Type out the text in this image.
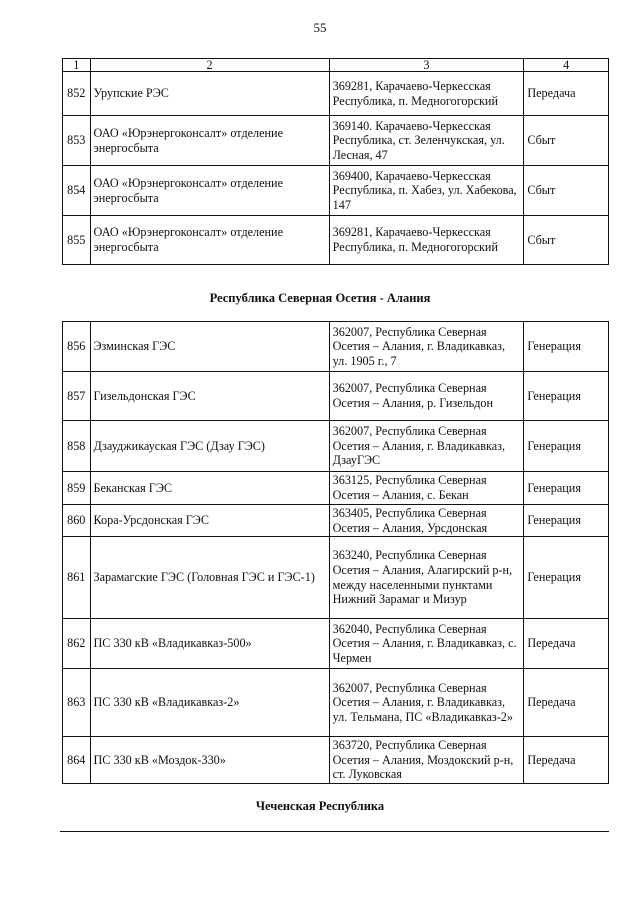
55
1	2	3	4
852	Урупские РЭС	369281, Карачаево-Черкесская Республика, п. Медногогорский	Передача
853	ОАО «Юрэнергоконсалт» отделение энергосбыта	369140. Карачаево-Черкесская Республика, ст. Зеленчукская, ул. Лесная, 47	Сбыт
854	ОАО «Юрэнергоконсалт» отделение энергосбыта	369400, Карачаево-Черкесская Республика, п. Хабез, ул. Хабекова, 147	Сбыт
855	ОАО «Юрэнергоконсалт» отделение энергосбыта	369281, Карачаево-Черкесская Республика, п. Медногогорский	Сбыт
Республика Северная Осетия - Алания
856	Эзминская ГЭС	362007, Республика Северная Осетия – Алания, г. Владикавказ, ул. 1905 г., 7	Генерация
857	Гизельдонская ГЭС	362007, Республика Северная Осетия – Алания, р. Гизельдон	Генерация
858	Дзауджикауская ГЭС (Дзау ГЭС)	362007, Республика Северная Осетия – Алания, г. Владикавказ, ДзауГЭС	Генерация
859	Беканская ГЭС	363125, Республика Северная Осетия – Алания, с. Бекан	Генерация
860	Кора-Урсдонская ГЭС	363405, Республика Северная Осетия – Алания, Урсдонская	Генерация
861	Зарамагские ГЭС (Головная ГЭС и ГЭС-1)	363240, Республика Северная Осетия – Алания, Алагирский р-н, между населенными пунктами Нижний Зарамаг и Мизур	Генерация
862	ПС 330 кВ «Владикавказ-500»	362040, Республика Северная Осетия – Алания, г. Владикавказ, с. Чермен	Передача
863	ПС 330 кВ «Владикавказ-2»	362007, Республика Северная Осетия – Алания, г. Владикавказ, ул. Тельмана, ПС «Владикавказ-2»	Передача
864	ПС 330 кВ «Моздок-330»	363720, Республика Северная Осетия – Алания, Моздокский р-н, ст. Луковская	Передача
Чеченская Республика
